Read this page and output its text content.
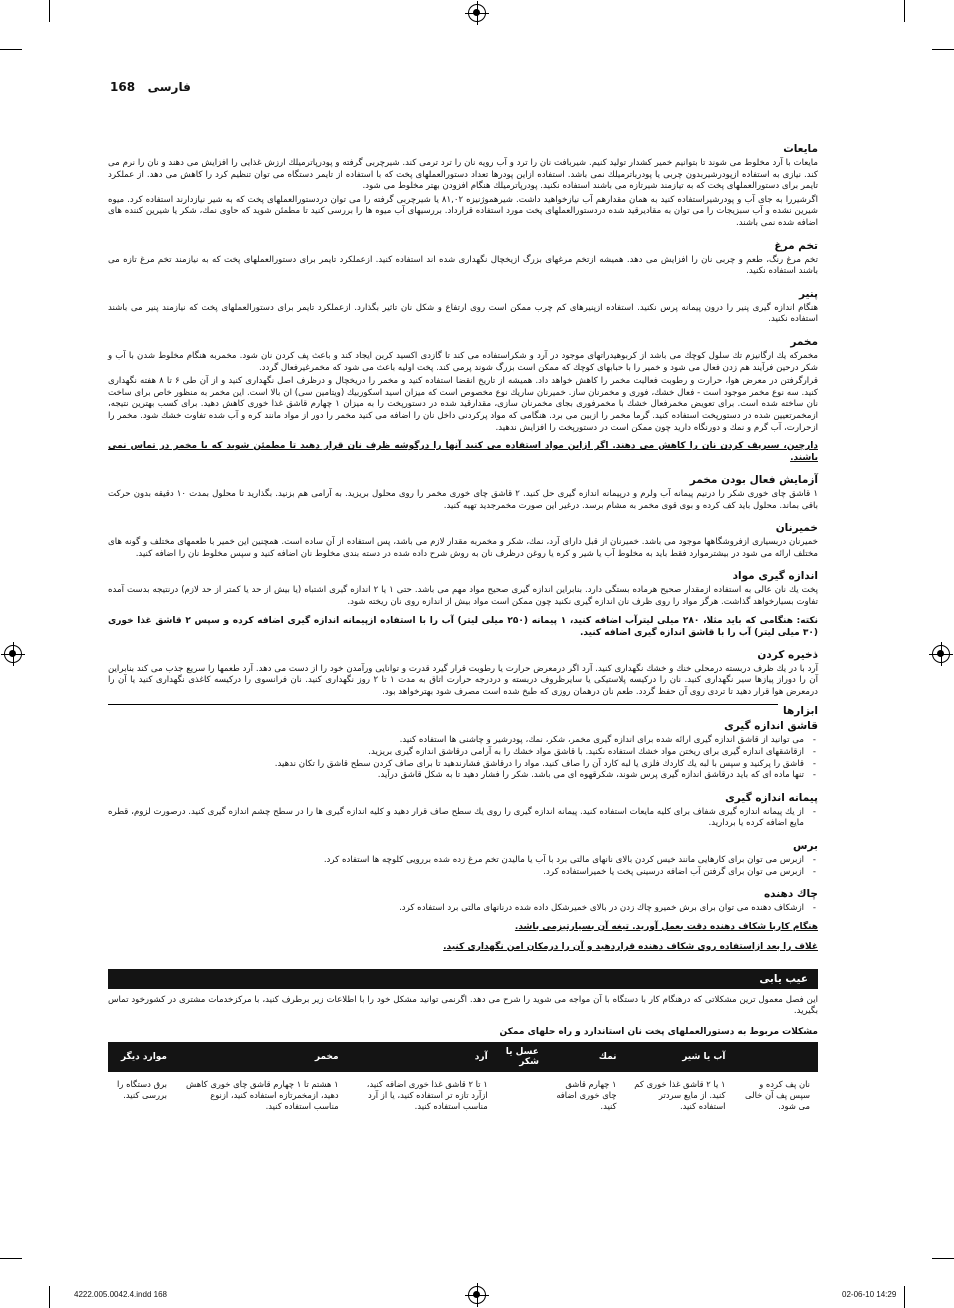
168 فارسی
مایعات
مایعات با آرد مخلوط می شوند تا بتوانیم خمیر کشدار تولید کنیم. شیربافت نان را ترد و آب رویه نان را ترد ترمی کند. شیرچربی گرفته و پودرپاترمیلك ارزش غذایی را افزایش می دهند و نان را نرم می کند. نیازی به استفاده ازپودرشیربدون چربی یا پودرباترمیلك نمی باشد. استفاده ازاین پودرها تعداد دستورالعملهای پخت که با استفاده از تایمر دستگاه می توان تنظیم کرد را کاهش می دهد. از عملکرد تایمر برای دستورالعملهای پخت که به تیازمند شیرتازه می باشند استفاده نکنید. پودرپاترمیلك هنگام افزودن بهتر مخلوط می شود.
اگرشیررا به جای آب و پودرشیراستفاده کنید به همان مقدارهم آب نیازخواهید داشت. شیرهموژنیزه ۸۱,۰۲ یا شیرچربی گرفته را می توان دردستورالعملهای پخت که به شیر نیازدارند استفاده کرد. میوه شیرین نشده و آب سبزیجات را می توان به مقادیرقید شده دردستورالعملهای پخت مورد استفاده قرارداد. بررسیهای آب میوه ها را بررسی کنید تا مطمئن شوید که حاوی نمك، شکر یا شیرین کننده های اضافه شده نمی باشند.
تخم مرغ
تخم مرغ رنگ، طعم و چربی نان را افزایش می دهد. همیشه ازتخم مرغهای بزرگ ازیخچال نگهداری شده اند استفاده کنید. ازعملکرد تایمر برای دستورالعملهای پخت که به نیازمند تخم مرغ تازه می باشند استفاده نکنید.
پنیر
هنگام اندازه گیری پنیر را درون پیمانه پرس نکنید. استفاده ازپنیرهای کم چرب ممکن است روی ارتفاع و شکل نان تاثیر بگذارد. ازعملکرد تایمر برای دستورالعملهای پخت که نیازمند پنیر می باشند استفاده نکنید.
مخمر
مخمرکه یك ارگانیزم تك سلول کوچك می باشد از کربوهیدراتهای موجود در آرد و شکراستفاده می کند تا گازدی اکسید کربن ایجاد کند و باعث پف کردن نان شود. مخمربه هنگام مخلوط شدن با آب و شکر درحین فرآیند هم زدن فعال می شود و خمیر را با حبابهای کوچك که ممکن است بزرگ شوند پرمی کند. پخت اولیه باعث می شود که مخمرغیرفعال گردد.
قرارگرفتن در معرض هوا، حرارت و رطوبت فعالیت مخمر را کاهش خواهد داد. همیشه از تاریخ انقضا استفاده کنید و مخمر را دریخچال و درظرف اصل نگهداری کنید و از آن طی ۶ تا ۸ هفته نگهداری کنید. سه نوع مخمر موجود است - فعال خشك، فوری و مخمرنان ساز. خمیرنان ساریك نوع مخصوص است که میزان اسید اسکوربیك (ویتامین سی) ان بالا است. این مخمر به منظور خاص برای ساخت نان ساخته شده است. برای تعویض مخمرفعال خشك با مخمرفوری بجای مخمرنان سازی، مقدارقید شده در دستورپخت را به میزان ۱ چهارم قاشق غذا خوری کاهش دهید. برای کسب بهترین نتیجه، ازمخمرتعیین شده در دستورپخت استفاده کنید. گرما مخمر را ازبین می برد. هنگامی که مواد پرکردنی داخل نان را اضافه می کنید مخمر را دور از مواد مانند کره و آب شده تفاوت خشك شود. مخمر را ازحرارت، آب گرم و نمك و دورنگاه دارید چون ممکن است در دستورپخت را افزایش ندهید.
دارچین، سیرپف کردن نان را کاهش می دهند. اگر ازاین مواد استفاده می کنید آنها را درگوشه ظرف نان قرار دهید تا مطمئن شوید که با مخمر در تماس نمی باشند.
آزمایش فعال بودن مخمر
۱ قاشق چای خوری شکر را درنیم پیمانه آب ولرم و درپیمانه اندازه گیری حل کنید. ۲ قاشق چای خوری مخمر را روی محلول بریزید. به آرامی هم بزنید. بگذارید تا محلول بمدت ۱۰ دقیقه بدون حرکت باقی بماند. محلول باید کف کرده و بوی قوی مخمر به مشام برسد. درغیر این صورت مخمرجدید تهیه کنید.
خمیرنان
خمیرنان دربسیاری ازفروشگاهها موجود می باشد. خمیرنان از قبل دارای آرد، نمك، شکر و مخمربه مقدار لازم می باشد، پس استفاده از آن ساده است. همچنین این خمیر با طعمهای مختلف و گونه های مختلف ارائه می شود در بیشترموارد فقط باید به مخلوط آب یا شیر و کره یا روغن درظرف نان به روش شرح داده شده در دسته بندی مخلوط نان اضافه کنید و سپس مخلوط نان را اضافه کنید.
اندازه گیری مواد
پخت یك نان عالی به استفاده ازمقدار صحیح هرماده بستگی دارد. بنابراین اندازه گیری صحیح مواد مهم می باشد. حتی ۱ یا ۲ اندازه گیری اشتباه (یا بیش از حد یا کمتر از حد لازم) درنتیجه بدست آمده تفاوت بسیارخواهد گذاشت. هرگز مواد را روی ظرف نان اندازه گیری نکنید چون ممکن است مواد بیش از اندازه روی نان ریخته شود.
نکته: هنگامی که باید مثلا، ۲۸۰ میلی لیترآب اضافه کنید، ۱ پیمانه (۲۵۰ میلی لیتر) آب را با استفاده ازپیمانه اندازه گیری اضافه کرده و سپس ۲ قاشق غذا خوری (۳۰ میلی لیتر) آب را با قاشق اندازه گیری اضافه کنید.
ذخیره کردن
آرد با در یك ظرف دربسته درمحلی خنك و خشك نگهداری کنید. آرد اگر درمعرض حرارت یا رطوبت قرار گیرد قدرت و توانایی ورآمدن خود را از دست می دهد. آرد طعمها را سریع جذب می کند بنابراین آن را دوراز پیازها سیر نگهداری کنید. نان را درکیسه پلاستیکی یا سایرظروف دربسته و دردرجه حرارت اتاق به مدت ۱ تا ۲ روز نگهداری کنید. نان فرانسوی را درکیسه کاغذی نگهداری کنید یا آن را درمعرض هوا قرار دهید تا تردی روی آن حفظ گردد. طعم نان درهمان روزی که طبخ شده است مصرف شود بهترخواهد بود.
ابزارها
قاشق اندازه گیری
- می توانید از قاشق اندازه گیری ارائه شده برای اندازه گیری مخمر، شکر، نمك، پودرشیر و چاشنی ها استفاده کنید.
- ازقاشقهای اندازه گیری برای ریختن مواد خشك استفاده نکنید. با قاشق مواد خشك را به آرامی درقاشق اندازه گیری بریزید.
- قاشق را پرکنید و سپس با لبه یك کاردك فلزی یا لبه کارد آن را صاف کنید. مواد را درقاشق فشارندهید تا برای صاف کردن سطح قاشق را تکان ندهید.
- تنها ماده ای که باید درقاشق اندازه گیری پرس شوند، شکرقهوه ای می باشد. شکر را فشار دهید تا به شکل قاشق درآید.
پیمانه اندازه گیری
- از یك پیمانه اندازه گیری شفاف برای کلیه مایعات استفاده کنید. پیمانه اندازه گیری را روی یك سطح صاف قرار دهید و کلیه اندازه گیری ها را در سطح چشم اندازه گیری کنید. درصورت لزوم، قطره مایع اضافه کرده یا بردارید.
برس
- ازبرس می توان برای کارهایی مانند خیس کردن بالای نانهای مالتی برد با آب یا مالیدن تخم مرغ زده شده بررویی کلوچه ها استفاده کرد.
- ازبرس می توان برای گرفتن آب اضافه درسینی پخت یا خمیراستفاده کرد.
چاك دهنده
- ازشکاف دهنده می توان برای برش خمیرو چاك زدن در بالای خمیرشکل داده شده درنانهای مالتی برد استفاده کرد.
هنگام کاربا شکاف دهنده دقت بعمل آورید. تیغه آن بسیارتیزمی باشد.
غلاف را بعد ازاستفاده روی شکاف دهنده قراردهید و آن را درمکان امن نگهداری کنید.
عیب یابی
این فصل معمول ترین مشکلاتی که درهنگام کار با دستگاه با آن مواجه می شوید را شرح می دهد. اگرنمی توانید مشکل خود را با اطلاعات زیر برطرف کنید، با مرکزخدمات مشتری در کشورخود تماس بگیرید.
مشکلات مربوط به دستورالعملهای پخت نان استاندارد و راه حلهای ممکن
	آب یا شیر	نمك	عسل یا شکر	آرد	مخمر	موارد دیگر
نان پف کرده و سپس پف آن خالی می شود.	۱ یا ۲ قاشق غذا خوری کم کنید. از مایع سردتر استفاده کنید.	۱ چهارم قاشق چای خوری اضافه کنید.		۱ تا ۲ قاشق غذا خوری اضافه کنید، ازآرد تازه تر استفاده کنید، یا از آرد مناسب استفاده کنید.	۱ هشتم تا ۱ چهارم قاشق چای خوری کاهش دهید، ازمخمرتازه استفاده کنید، ازنوع مناسب استفاده کنید.	برق دستگاه را بررسی کنید.
4222.005.0042.4.indd 168	02-06-10 14:29
